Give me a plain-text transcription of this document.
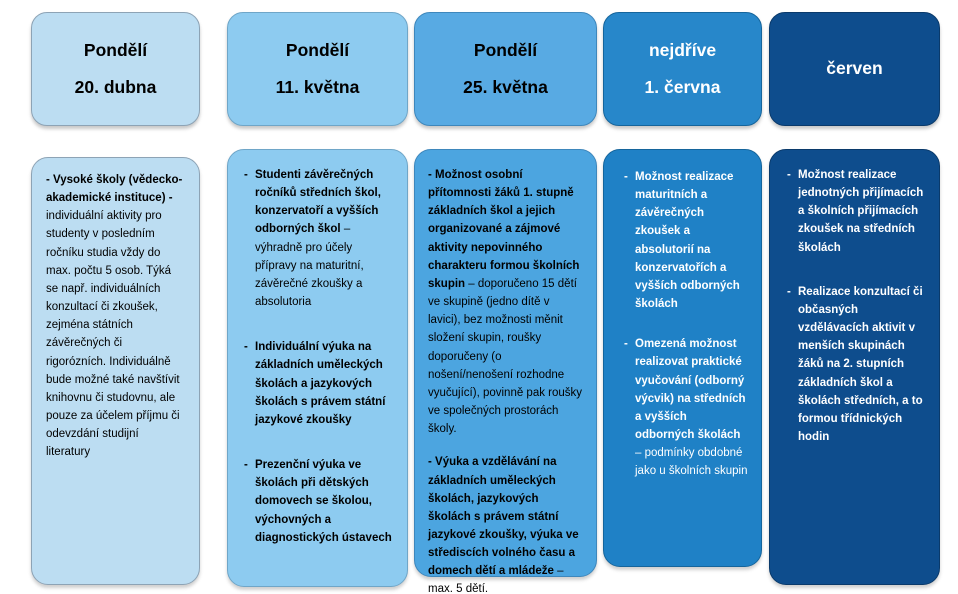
Pondělí
20. dubna
- Vysoké školy (vědecko-akademické instituce) - individuální aktivity pro studenty v posledním ročníku studia vždy do max. počtu 5 osob. Týká se např. individuálních konzultací či zkoušek, zejména státních závěrečných či rigorózních. Individuálně bude možné také navštívit knihovnu či studovnu, ale pouze za účelem příjmu či odevzdání studijní literatury
Pondělí
11. května
- Studenti závěrečných ročníků středních škol, konzervatoří a vyšších odborných škol – výhradně pro účely přípravy na maturitní, závěrečné zkoušky a absolutoria
- Individuální výuka na základních uměleckých školách a jazykových školách s právem státní jazykové zkoušky
- Prezenční výuka ve školách při dětských domovech se školou, výchovných a diagnostických ústavech
Pondělí
25. května
- Možnost osobní přítomnosti žáků 1. stupně základních škol a jejich organizované a zájmové aktivity nepovinného charakteru formou školních skupin – doporučeno 15 dětí ve skupině (jedno dítě v lavici), bez možnosti měnit složení skupin, roušky doporučeny (o nošení/nenošení rozhodne vyučující), povinně pak roušky ve společných prostorách školy.
- Výuka a vzdělávání na základních uměleckých školách, jazykových školách s právem státní jazykové zkoušky, výuka ve střediscích volného času a domech dětí a mládeže – max. 5 dětí.
nejdříve
1. června
- Možnost realizace maturitních a závěrečných zkoušek a absolutorií na konzervatořích a vyšších odborných školách
- Omezená možnost realizovat praktické vyučování (odborný výcvik) na středních a vyšších odborných školách – podmínky obdobné jako u školních skupin
červen
- Možnost realizace jednotných přijímacích a školních přijímacích zkoušek na středních školách
- Realizace konzultací či občasných vzdělávacích aktivit v menších skupinách žáků na 2. stupních základních škol a školách středních, a to formou třídnických hodin
